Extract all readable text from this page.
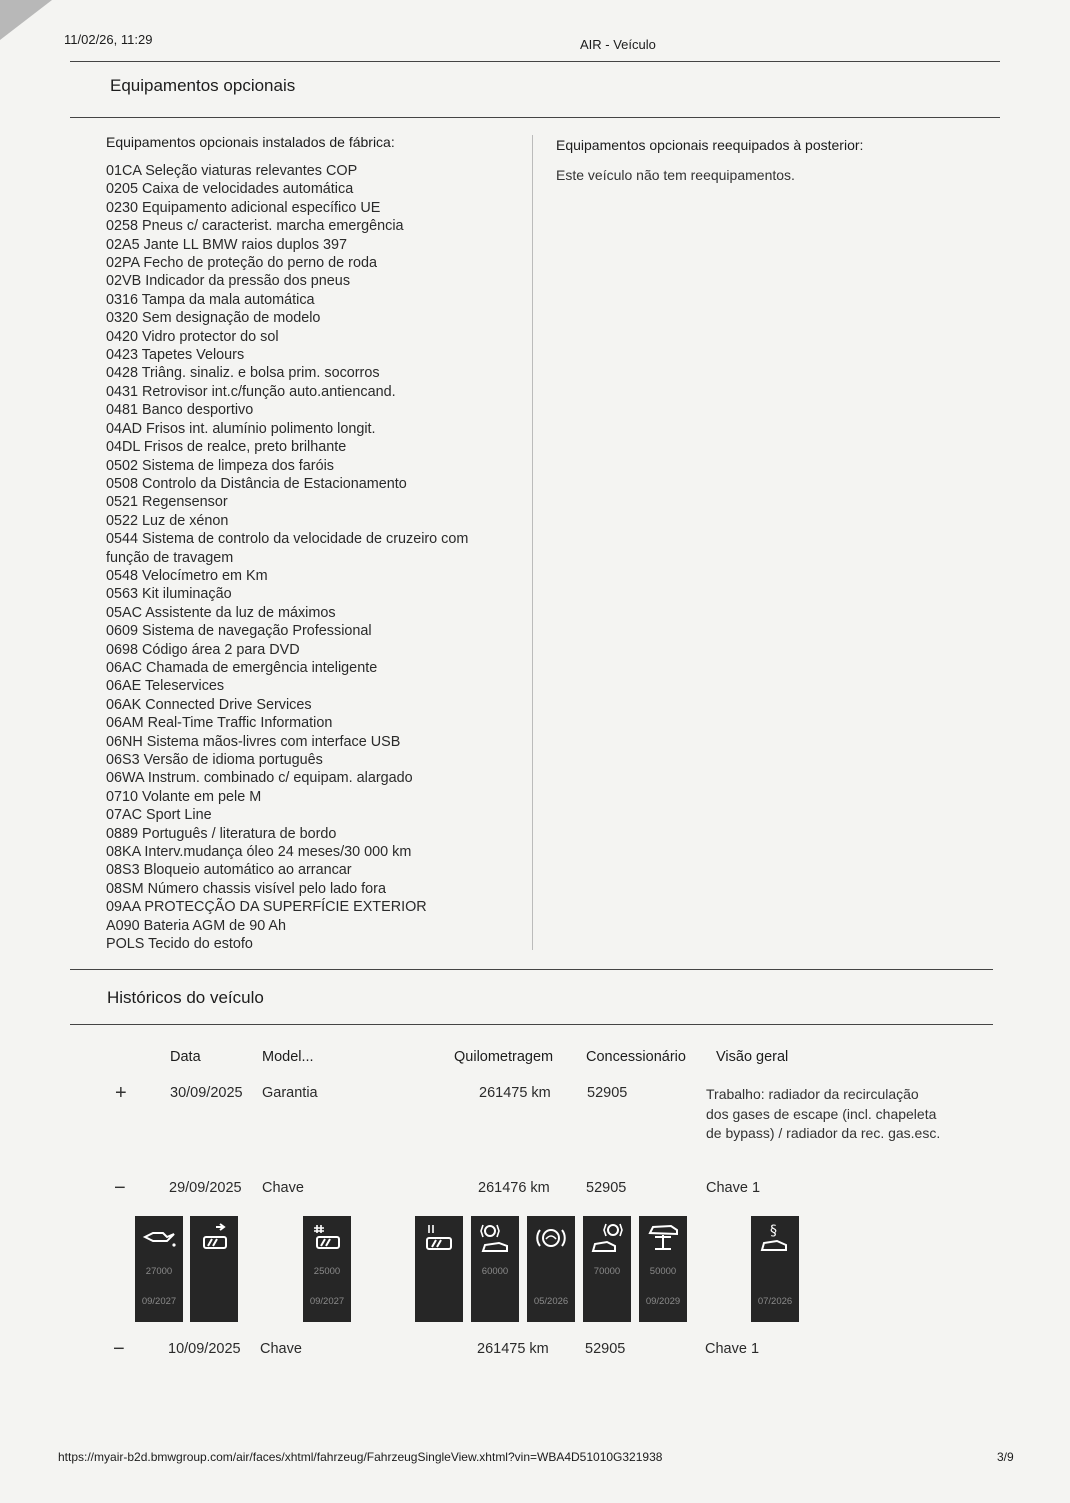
11/02/26, 11:29	AIR - Veículo
Equipamentos opcionais
Equipamentos opcionais instalados de fábrica:
01CA Seleção viaturas relevantes COP
0205 Caixa de velocidades automática
0230 Equipamento adicional específico UE
0258 Pneus c/ caracterist. marcha emergência
02A5 Jante LL BMW raios duplos 397
02PA Fecho de proteção do perno de roda
02VB Indicador da pressão dos pneus
0316 Tampa da mala automática
0320 Sem designação de modelo
0420 Vidro protector do sol
0423 Tapetes Velours
0428 Triâng. sinaliz. e bolsa prim. socorros
0431 Retrovisor int.c/função auto.antiencand.
0481 Banco desportivo
04AD Frisos int. alumínio polimento longit.
04DL Frisos de realce, preto brilhante
0502 Sistema de limpeza dos faróis
0508 Controlo da Distância de Estacionamento
0521 Regensensor
0522 Luz de xénon
0544 Sistema de controlo da velocidade de cruzeiro com função de travagem
0548 Velocímetro em Km
0563 Kit iluminação
05AC Assistente da luz de máximos
0609 Sistema de navegação Professional
0698 Código área 2 para DVD
06AC Chamada de emergência inteligente
06AE Teleservices
06AK Connected Drive Services
06AM Real-Time Traffic Information
06NH Sistema mãos-livres com interface USB
06S3 Versão de idioma português
06WA Instrum. combinado c/ equipam. alargado
0710 Volante em pele M
07AC Sport Line
0889 Português / literatura de bordo
08KA Interv.mudança óleo 24 meses/30 000 km
08S3 Bloqueio automático ao arrancar
08SM Número chassis visível pelo lado fora
09AA PROTECÇÃO DA SUPERFÍCIE EXTERIOR
A090 Bateria AGM de 90 Ah
POLS Tecido do estofo
Equipamentos opcionais reequipados à posterior:
Este veículo não tem reequipamentos.
Históricos do veículo
Data	Model...	Quilometragem Concessionário Visão geral
+	30/09/2025 Garantia	261475 km	52905	Trabalho: radiador da recirculação dos gases de escape (incl. chapeleta de bypass) / radiador da rec. gas.esc.
−	29/09/2025 Chave	261476 km	52905	Chave 1
27000
09/2027
25000
09/2027
60000
05/2026
70000	50000
09/2029
§
07/2026
−	10/09/2025 Chave	261475 km	52905	Chave 1
https://myair-b2d.bmwgroup.com/air/faces/xhtml/fahrzeug/FahrzeugSingleView.xhtml?vin=WBA4D51010G321938	3/9
